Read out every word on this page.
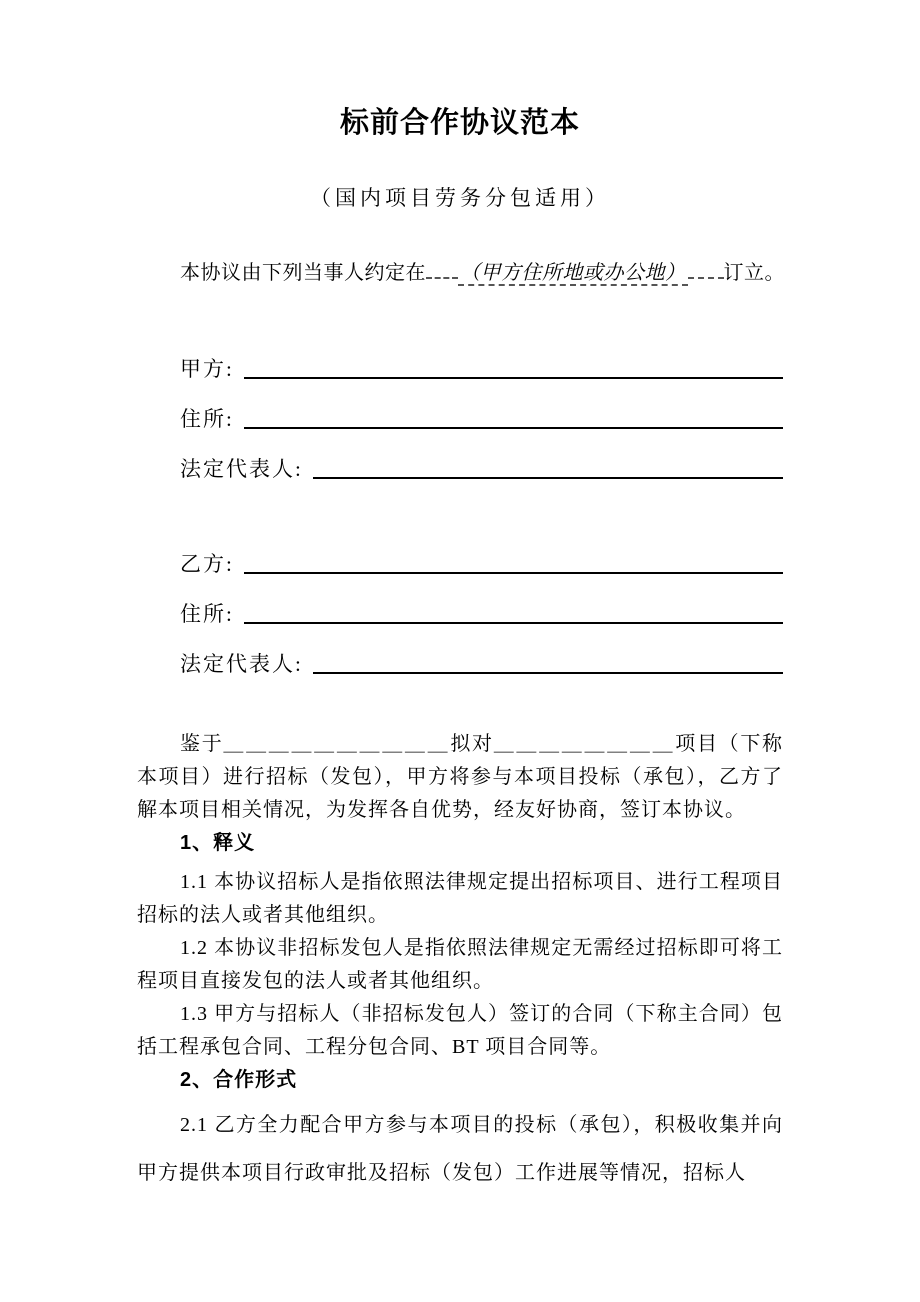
标前合作协议范本
（国内项目劳务分包适用）

本协议由下列当事人约定在 （甲方住所地或办公地） 订立。

甲方:
住所:
法定代表人:
乙方:
住所:
法定代表人:

鉴于＿＿＿＿＿＿＿＿＿＿拟对＿＿＿＿＿＿＿＿项目（下称本项目）进行招标（发包），甲方将参与本项目投标（承包），乙方了解本项目相关情况，为发挥各自优势，经友好协商，签订本协议。

1、释义

1.1 本协议招标人是指依照法律规定提出招标项目、进行工程项目招标的法人或者其他组织。

1.2 本协议非招标发包人是指依照法律规定无需经过招标即可将工程项目直接发包的法人或者其他组织。

1.3 甲方与招标人（非招标发包人）签订的合同（下称主合同）包括工程承包合同、工程分包合同、BT 项目合同等。

2、合作形式

2.1 乙方全力配合甲方参与本项目的投标（承包），积极收集并向甲方提供本项目行政审批及招标（发包）工作进展等情况，招标人
